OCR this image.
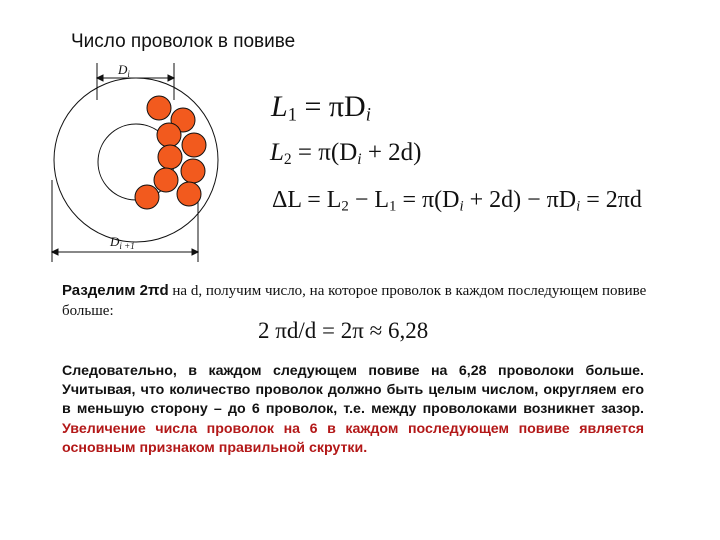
Число проволок в повиве
$D_i$
$D_{i +1}$
$L_1 = \pi D_i$
$L_2 = \pi(D_i + 2d)$
$\Delta L = L_2 - L_1 = \pi(D_i + 2d) - \pi D_i = 2\pi d$
Разделим 2πd на d, получим число, на которое проволок в каждом последующем повиве больше:
2 πd/d = 2π ≈ 6,28
Следовательно, в каждом следующем повиве на 6,28 проволоки больше. Учитывая, что количество проволок должно быть целым числом, округляем его в меньшую сторону – до 6 проволок, т.е. между проволоками возникнет зазор. Увеличение числа проволок на 6 в каждом последующем повиве является основным признаком правильной скрутки.
